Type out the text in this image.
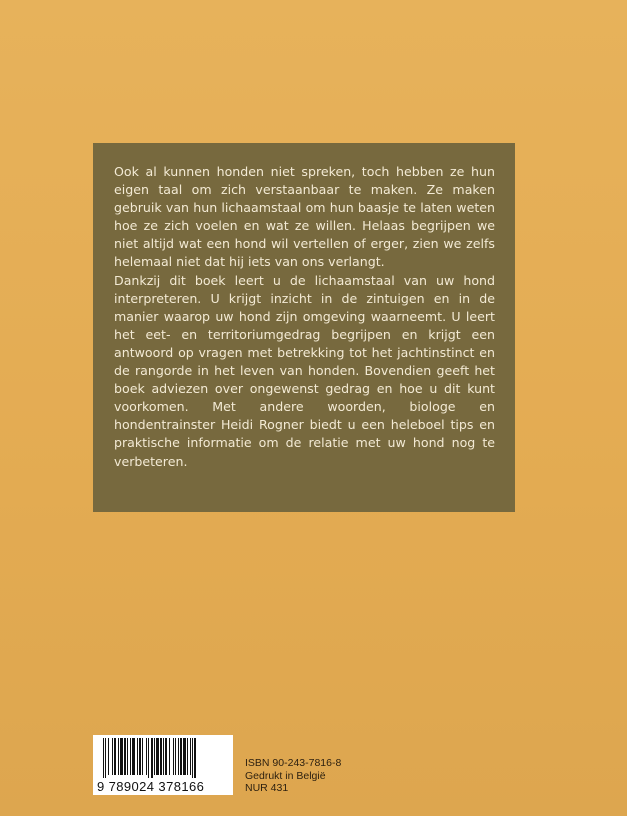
Ook al kunnen honden niet spreken, toch hebben ze hun eigen taal om zich verstaanbaar te maken. Ze maken gebruik van hun lichaamstaal om hun baasje te laten weten hoe ze zich voelen en wat ze willen. Helaas begrijpen we niet altijd wat een hond wil vertellen of erger, zien we zelfs helemaal niet dat hij iets van ons verlangt.

Dankzij dit boek leert u de lichaamstaal van uw hond interpreteren. U krijgt inzicht in de zintuigen en in de manier waarop uw hond zijn omgeving waarneemt. U leert het eet- en territoriumgedrag begrijpen en krijgt een antwoord op vragen met betrekking tot het jachtinstinct en de rangorde in het leven van honden. Bovendien geeft het boek adviezen over ongewenst gedrag en hoe u dit kunt voorkomen. Met andere woorden, biologe en hondentrainster Heidi Rogner biedt u een heleboel tips en praktische informatie om de relatie met uw hond nog te verbeteren.

9 789024 378166
ISBN 90-243-7816-8
Gedrukt in België
NUR 431
